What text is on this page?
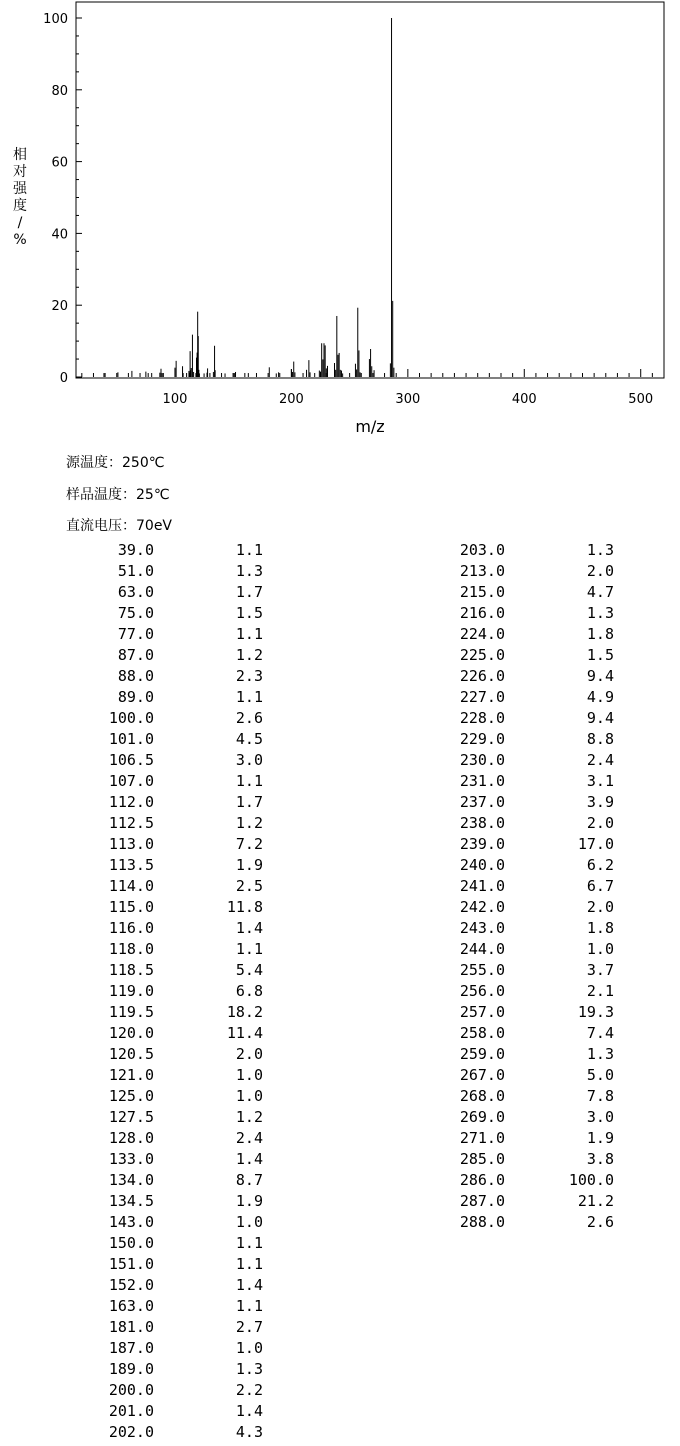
0
20
40
60
80
100
100	200	300	400	500
m/z
相
对
强
度
/
%
源温度：250℃
样品温度：25℃
直流电压：70eV
39.0	1.1
51.0	1.3
63.0	1.7
75.0	1.5
77.0	1.1
87.0	1.2
88.0	2.3
89.0	1.1
100.0	2.6
101.0	4.5
106.5	3.0
107.0	1.1
112.0	1.7
112.5	1.2
113.0	7.2
113.5	1.9
114.0	2.5
115.0	11.8
116.0	1.4
118.0	1.1
118.5	5.4
119.0	6.8
119.5	18.2
120.0	11.4
120.5	2.0
121.0	1.0
125.0	1.0
127.5	1.2
128.0	2.4
133.0	1.4
134.0	8.7
134.5	1.9
143.0	1.0
150.0	1.1
151.0	1.1
152.0	1.4
163.0	1.1
181.0	2.7
187.0	1.0
189.0	1.3
200.0	2.2
201.0	1.4
202.0	4.3
203.0	1.3
213.0	2.0
215.0	4.7
216.0	1.3
224.0	1.8
225.0	1.5
226.0	9.4
227.0	4.9
228.0	9.4
229.0	8.8
230.0	2.4
231.0	3.1
237.0	3.9
238.0	2.0
239.0	17.0
240.0	6.2
241.0	6.7
242.0	2.0
243.0	1.8
244.0	1.0
255.0	3.7
256.0	2.1
257.0	19.3
258.0	7.4
259.0	1.3
267.0	5.0
268.0	7.8
269.0	3.0
271.0	1.9
285.0	3.8
286.0	100.0
287.0	21.2
288.0	2.6
